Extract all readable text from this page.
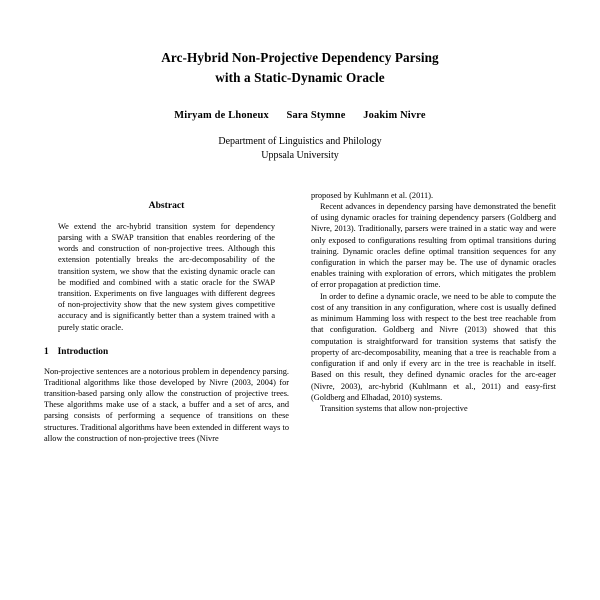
Arc-Hybrid Non-Projective Dependency Parsing
with a Static-Dynamic Oracle
Miryam de Lhoneux Sara Stymne Joakim Nivre
Department of Linguistics and Philology
Uppsala University
Abstract

We extend the arc-hybrid transition system for dependency parsing with a SWAP transition that enables reordering of the words and construction of non-projective trees. Although this extension potentially breaks the arc-decomposability of the transition system, we show that the existing dynamic oracle can be modified and combined with a static oracle for the SWAP transition. Experiments on five languages with different degrees of non-projectivity show that the new system gives competitive accuracy and is significantly better than a system trained with a purely static oracle.

1 Introduction

Non-projective sentences are a notorious problem in dependency parsing. Traditional algorithms like those developed by Nivre (2003, 2004) for transition-based parsing only allow the construction of projective trees. These algorithms make use of a stack, a buffer and a set of arcs, and parsing consists of performing a sequence of transitions on these structures. Traditional algorithms have been extended in different ways to allow the construction of non-projective trees (Nivre

proposed by Kuhlmann et al. (2011).

Recent advances in dependency parsing have demonstrated the benefit of using dynamic oracles for training dependency parsers (Goldberg and Nivre, 2013). Traditionally, parsers were trained in a static way and were only exposed to configurations resulting from optimal transitions during training. Dynamic oracles define optimal transition sequences for any configuration in which the parser may be. The use of dynamic oracles enables training with exploration of errors, which mitigates the problem of error propagation at prediction time.

In order to define a dynamic oracle, we need to be able to compute the cost of any transition in any configuration, where cost is usually defined as minimum Hamming loss with respect to the best tree reachable from that configuration. Goldberg and Nivre (2013) showed that this computation is straightforward for transition systems that satisfy the property of arc-decomposability, meaning that a tree is reachable from a configuration if and only if every arc in the tree is reachable in itself. Based on this result, they defined dynamic oracles for the arc-eager (Nivre, 2003), arc-hybrid (Kuhlmann et al., 2011) and easy-first (Goldberg and Elhadad, 2010) systems.

Transition systems that allow non-projective
